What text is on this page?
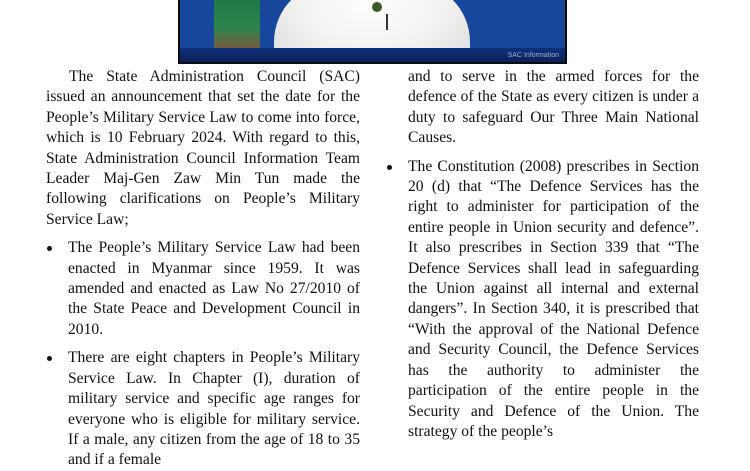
SAC Information

The State Administration Council (SAC) issued an announcement that set the date for the People’s Military Service Law to come into force, which is 10 February 2024. With regard to this, State Administration Council Information Team Leader Maj-Gen Zaw Min Tun made the following clarifications on People’s Military Service Law;

The People’s Military Service Law had been enacted in Myanmar since 1959. It was amended and enacted as Law No 27/2010 of the State Peace and Development Council in 2010.
There are eight chapters in People’s Military Service Law. In Chapter (I), duration of military service and specific age ranges for everyone who is eligible for military service. If a male, any citizen from the age of 18 to 35 and if a female

and to serve in the armed forces for the defence of the State as every citizen is under a duty to safeguard Our Three Main National Causes.

The Constitution (2008) prescribes in Section 20 (d) that “The Defence Services has the right to administer for participation of the entire people in Union security and defence”. It also prescribes in Section 339 that “The Defence Services shall lead in safeguarding the Union against all internal and external dangers”. In Section 340, it is prescribed that “With the approval of the National Defence and Security Council, the Defence Services has the authority to administer the participation of the entire people in the Security and Defence of the Union. The strategy of the people’s
